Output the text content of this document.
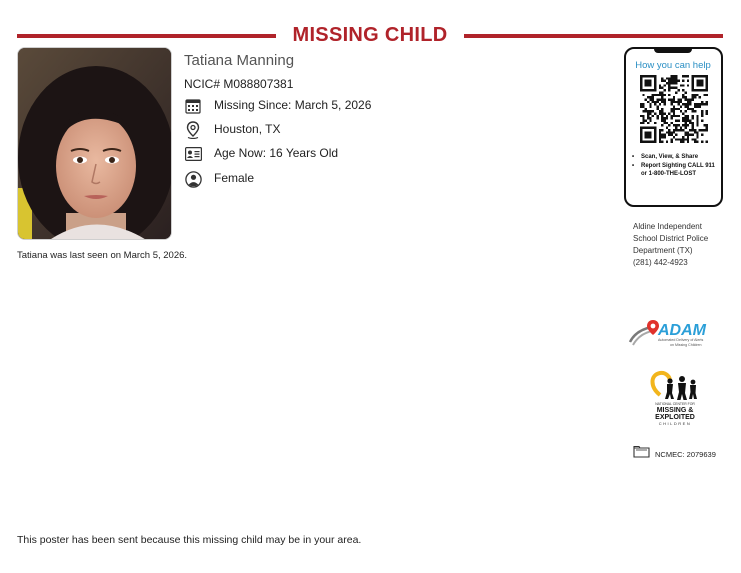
MISSING CHILD
Tatiana Manning
NCIC# M088807381
Missing Since: March 5, 2026
Houston, TX
Age Now: 16 Years Old
Female
Tatiana was last seen on March 5, 2026.
How you can help
• Scan, View, & Share
• Report Sighting CALL 911 or 1-800-THE-LOST
Aldine Independent
School District Police
Department (TX)
(281) 442-4923
ADAM
Automated Delivery of Alerts
on Missing Children
NATIONAL CENTER FOR
MISSING &
EXPLOITED
CHILDREN
NCMEC: 2079639
This poster has been sent because this missing child may be in your area.
